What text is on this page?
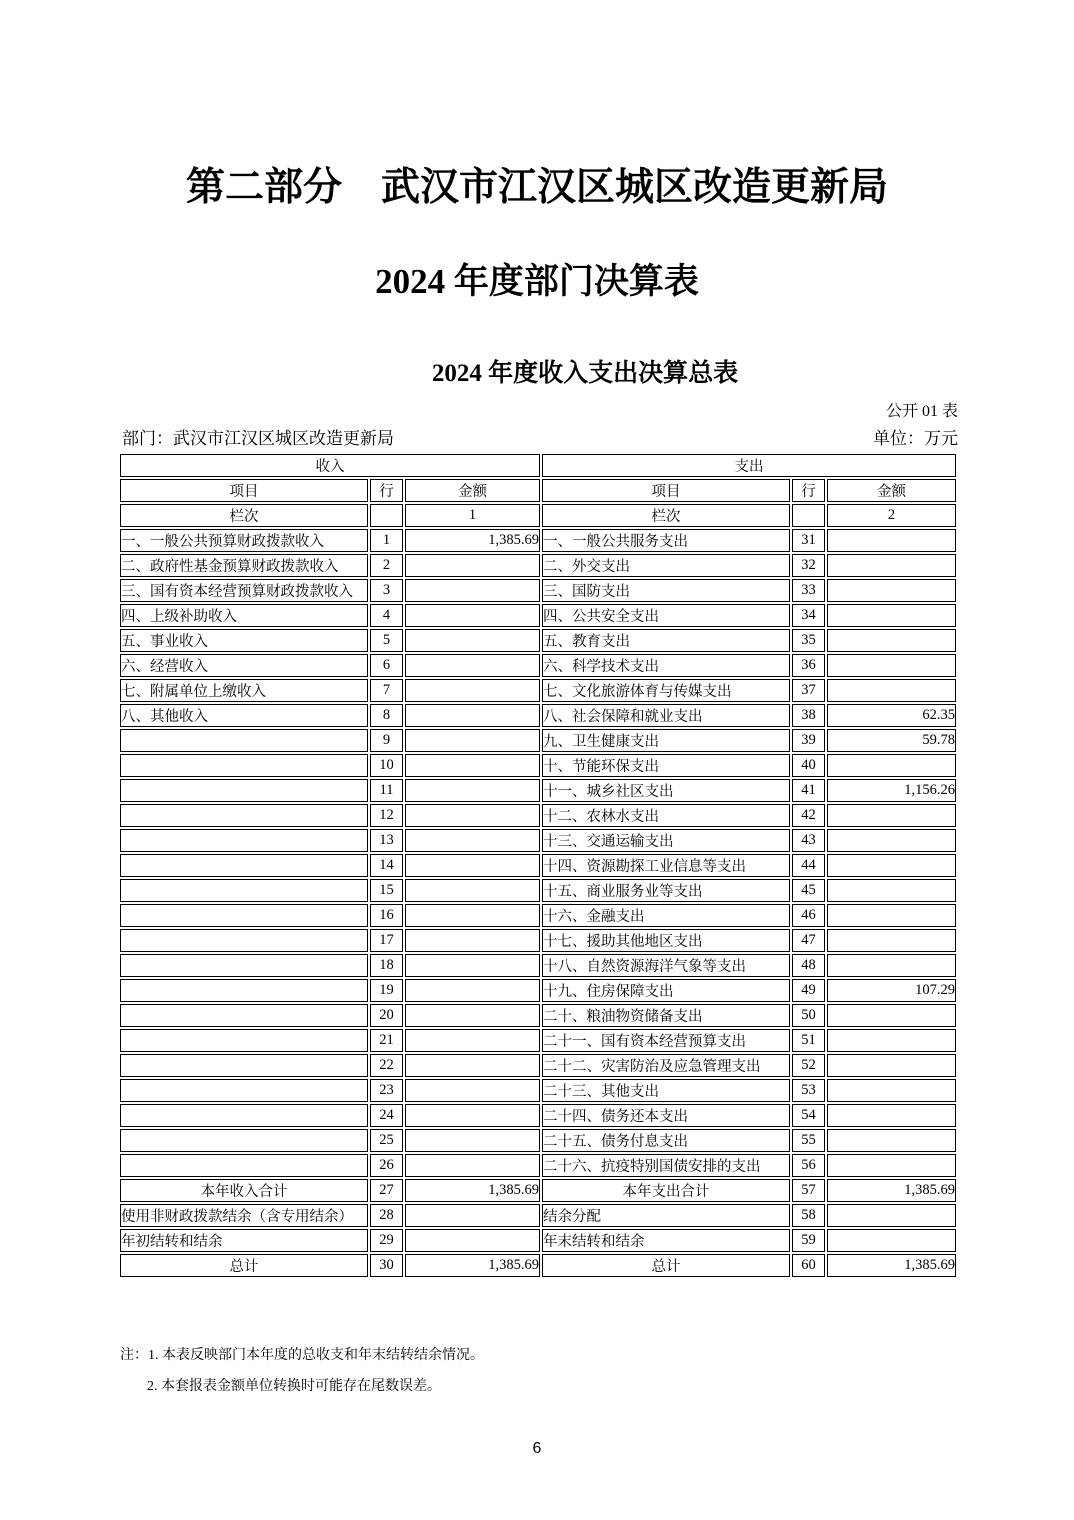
第二部分　武汉市江汉区城区改造更新局
2024 年度部门决算表
2024 年度收入支出决算总表
公开 01 表
部门：武汉市江汉区城区改造更新局	单位：万元
收入			支出		
项目	行	金额	项目	行	金额
栏次		1	栏次		2
一、一般公共预算财政拨款收入	1	1,385.69	一、一般公共服务支出	31	
二、政府性基金预算财政拨款收入	2		二、外交支出	32	
三、国有资本经营预算财政拨款收入	3		三、国防支出	33	
四、上级补助收入	4		四、公共安全支出	34	
五、事业收入	5		五、教育支出	35	
六、经营收入	6		六、科学技术支出	36	
七、附属单位上缴收入	7		七、文化旅游体育与传媒支出	37	
八、其他收入	8		八、社会保障和就业支出	38	62.35
	9		九、卫生健康支出	39	59.78
	10		十、节能环保支出	40	
	11		十一、城乡社区支出	41	1,156.26
	12		十二、农林水支出	42	
	13		十三、交通运输支出	43	
	14		十四、资源勘探工业信息等支出	44	
	15		十五、商业服务业等支出	45	
	16		十六、金融支出	46	
	17		十七、援助其他地区支出	47	
	18		十八、自然资源海洋气象等支出	48	
	19		十九、住房保障支出	49	107.29
	20		二十、粮油物资储备支出	50	
	21		二十一、国有资本经营预算支出	51	
	22		二十二、灾害防治及应急管理支出	52	
	23		二十三、其他支出	53	
	24		二十四、债务还本支出	54	
	25		二十五、债务付息支出	55	
	26		二十六、抗疫特别国债安排的支出	56	
本年收入合计	27	1,385.69	本年支出合计	57	1,385.69
使用非财政拨款结余（含专用结余）	28		结余分配	58	
年初结转和结余	29		年末结转和结余	59	
总计	30	1,385.69	总计	60	1,385.69
注：1. 本表反映部门本年度的总收支和年末结转结余情况。
2. 本套报表金额单位转换时可能存在尾数误差。
6
